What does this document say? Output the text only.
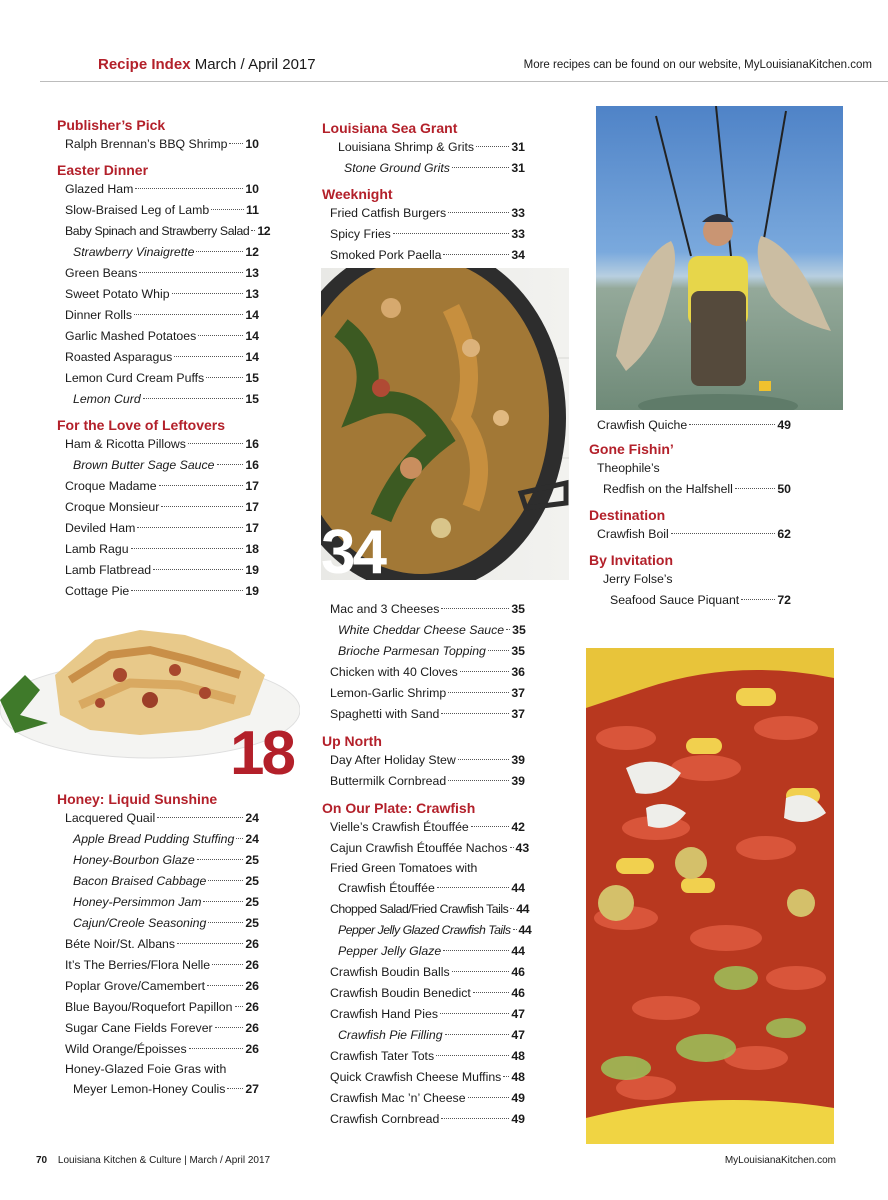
Recipe Index March / April 2017	More recipes can be found on our website, MyLouisianaKitchen.com
Publisher’s Pick
Ralph Brennan’s BBQ Shrimp 10
Easter Dinner
Glazed Ham	10
Slow-Braised Leg of Lamb	11
Baby Spinach and Strawberry Salad 12
Strawberry Vinaigrette	12
Green Beans	13
Sweet Potato Whip	13
Dinner Rolls	14
Garlic Mashed Potatoes	14
Roasted Asparagus	14
Lemon Curd Cream Puffs	15
Lemon Curd	15
For the Love of Leftovers
Ham & Ricotta Pillows	16
Brown Butter Sage Sauce	16
Croque Madame	17
Croque Monsieur	17
Deviled Ham	17
Lamb Ragu	18
Lamb Flatbread	19
Cottage Pie	19
18
Honey: Liquid Sunshine
Lacquered Quail	24
Apple Bread Pudding Stuffing 24
Honey-Bourbon Glaze	25
Bacon Braised Cabbage	25
Honey-Persimmon Jam	25
Cajun/Creole Seasoning	25
Béte Noir/St. Albans	26
It’s The Berries/Flora Nelle	26
Poplar Grove/Camembert	26
Blue Bayou/Roquefort Papillon 26
Sugar Cane Fields Forever	26
Wild Orange/Époisses	26
Honey-Glazed Foie Gras with
Meyer Lemon-Honey Coulis 27
Louisiana Sea Grant
Louisiana Shrimp & Grits	31
Stone Ground Grits	31
Weeknight
Fried Catfish Burgers	33
Spicy Fries	33
Smoked Pork Paella	34
34
Mac and 3 Cheeses	35
White Cheddar Cheese Sauce 35
Brioche Parmesan Topping 35
Chicken with 40 Cloves	36
Lemon-Garlic Shrimp	37
Spaghetti with Sand	37
Up North
Day After Holiday Stew	39
Buttermilk Cornbread	39
On Our Plate: Crawfish
Vielle’s Crawfish Étouffée	42
Cajun Crawfish Étouffée Nachos 43
Fried Green Tomatoes with
Crawfish Étouffée	44
Chopped Salad/Fried Crawfish Tails 44
Pepper Jelly Glazed Crawfish Tails 44
Pepper Jelly Glaze	44
Crawfish Boudin Balls	46
Crawfish Boudin Benedict	46
Crawfish Hand Pies	47
Crawfish Pie Filling	47
Crawfish Tater Tots	48
Quick Crawfish Cheese Muffins 48
Crawfish Mac ’n’ Cheese	49
Crawfish Cornbread	49
Crawfish Quiche	49
Gone Fishin’
Theophile’s
Redfish on the Halfshell	50
Destination
Crawfish Boil	62
By Invitation
Jerry Folse’s
Seafood Sauce Piquant	72
70 Louisiana Kitchen & Culture | March / April 2017	MyLouisianaKitchen.com
